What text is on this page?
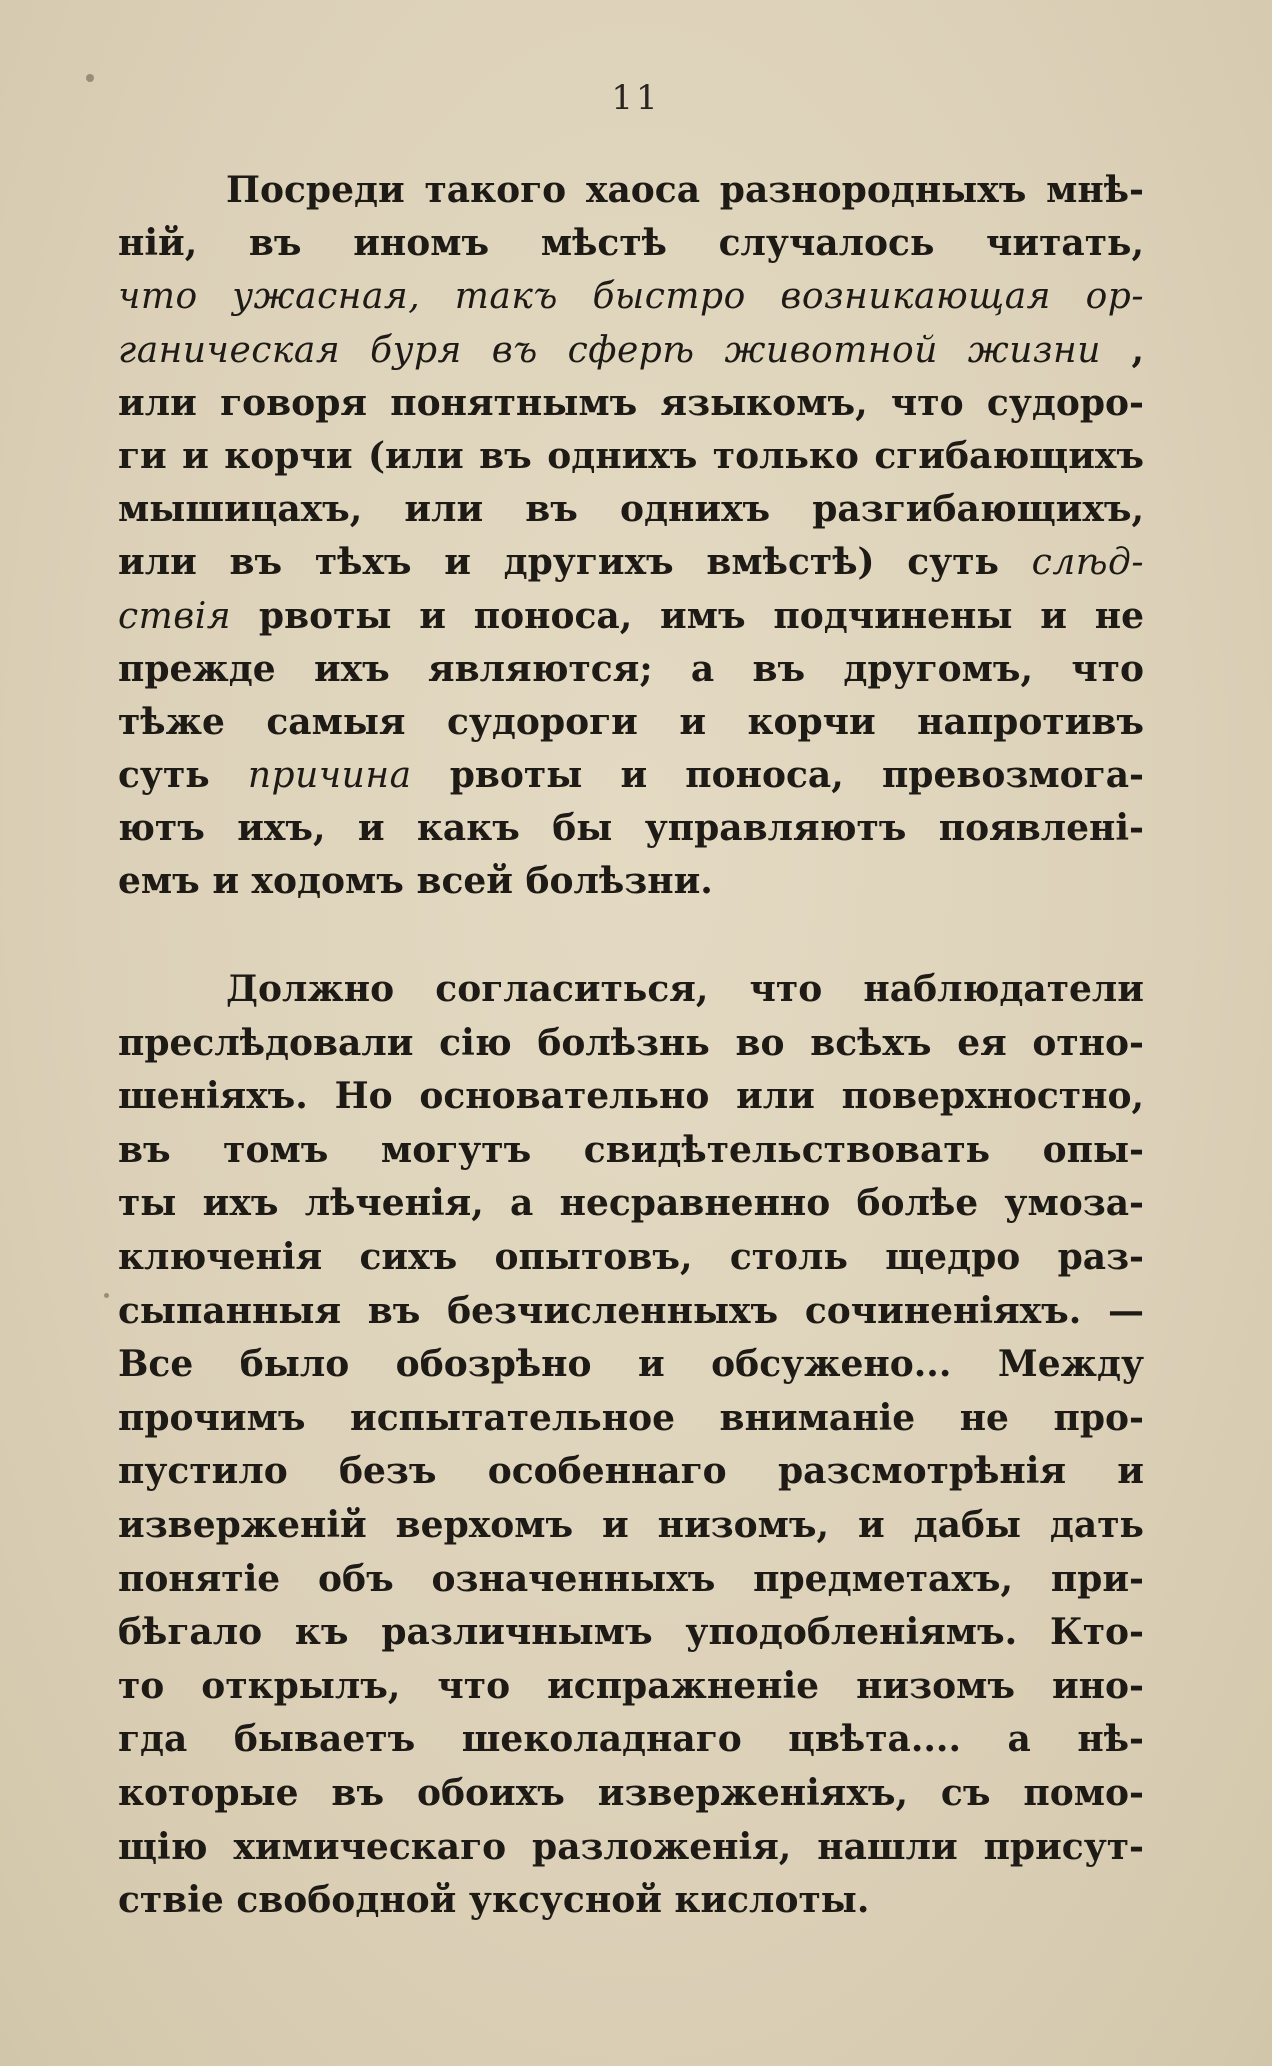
11
Посреди такого хаоса разнородныхъ мнѣ-
нiй, въ иномъ мѣстѣ случалось читать,
что ужасная, такъ быстро возникающая ор-
ганическая буря въ сферѣ животной жизни ,
или говоря понятнымъ языкомъ, что судоро-
ги и корчи (или въ однихъ только сгибающихъ
мышицахъ, или въ однихъ разгибающихъ,
или въ тѣхъ и другихъ вмѣстѣ) суть слѣд-
ствiя рвоты и поноса, имъ подчинены и не
прежде ихъ являются; а въ другомъ, что
тѣже самыя судороги и корчи напротивъ
суть причина рвоты и поноса, превозмога-
ютъ ихъ, и какъ бы управляютъ появленi-
емъ и ходомъ всей болѣзни.
Должно согласиться, что наблюдатели
преслѣдовали сiю болѣзнь во всѣхъ ея отно-
шенiяхъ. Но основательно или поверхностно,
въ томъ могутъ свидѣтельствовать опы-
ты ихъ лѣченiя, а несравненно болѣе умоза-
ключенiя сихъ опытовъ, столь щедро раз-
сыпанныя въ безчисленныхъ сочиненiяхъ. —
Все было обозрѣно и обсужено... Между
прочимъ испытательное вниманiе не про-
пустило безъ особеннаго разсмотрѣнiя и
изверженiй верхомъ и низомъ, и дабы дать
понятiе объ означенныхъ предметахъ, при-
бѣгало къ различнымъ уподобленiямъ. Кто-
то открылъ, что испражненiе низомъ ино-
гда бываетъ шеколаднаго цвѣта.... а нѣ-
которые въ обоихъ изверженiяхъ, съ помо-
щiю химическаго разложенiя, нашли присут-
ствiе свободной уксусной кислоты.
